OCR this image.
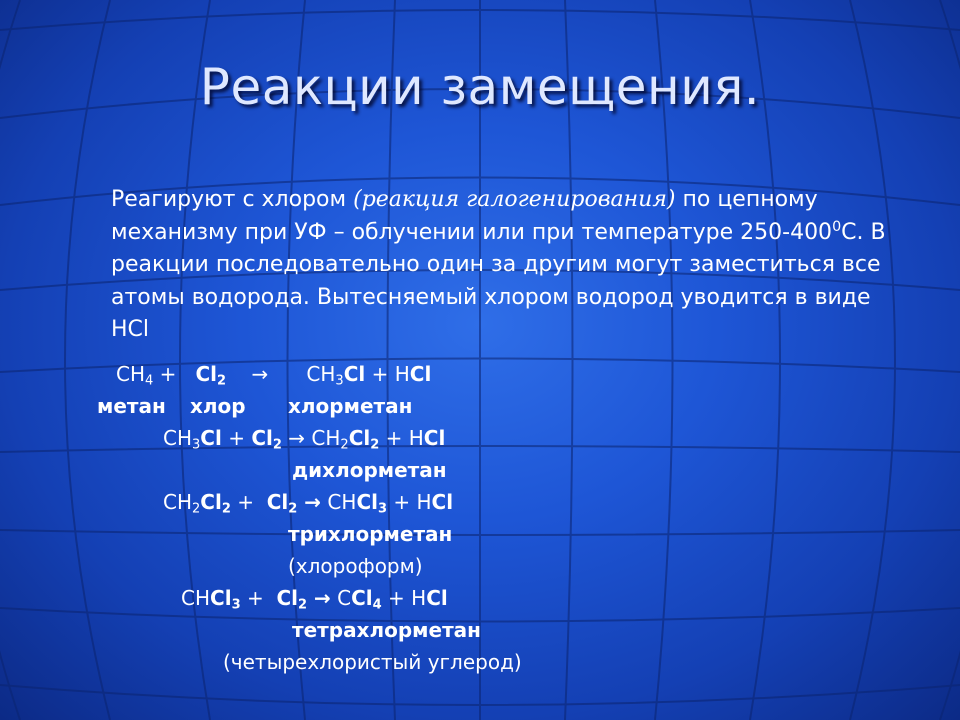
Реакции замещения.
Реагируют с хлором (реакция галогенирования) по цепному механизму при УФ – облучении или при температуре $250-400^0С$. В реакции последовательно один за другим могут заместиться все атомы водорода. Вытесняемый хлором водород уводится в виде HCl
$CH_4 + Cl_2$    →      $CH_3Cl$ + HCl
метан хлор хлорметан
$CH_3Cl + Cl_2 \to CH_2Cl_2$ + HCl
дихлорметан
$CH_2Cl_2 + Cl_2$ → CHCl$_3$ + HCl
трихлорметан
(хлороформ)
CHCl$_3$ +  $Cl_2 \to CCl_4$ + HCl
тетрахлорметан
(четырехлористый углерод)
